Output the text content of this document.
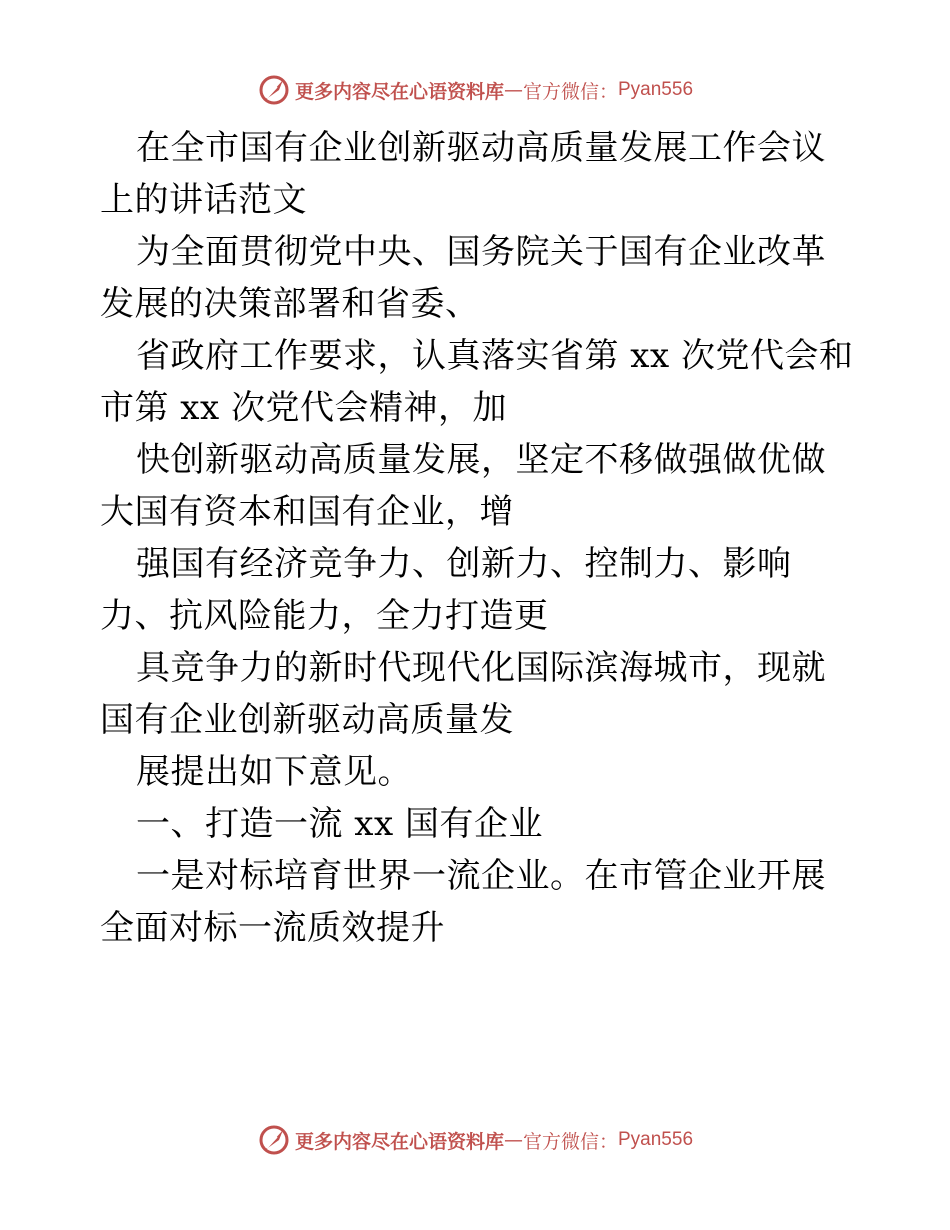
更多内容尽在心语资料库 — 官方微信： Pyan556

在全市国有企业创新驱动高质量发展工作会议上的讲话范文

为全面贯彻党中央、国务院关于国有企业改革发展的决策部署和省委、

省政府工作要求，认真落实省第 xx 次党代会和市第 xx 次党代会精神，加

快创新驱动高质量发展，坚定不移做强做优做大国有资本和国有企业，增

强国有经济竞争力、创新力、控制力、影响力、抗风险能力，全力打造更

具竞争力的新时代现代化国际滨海城市，现就国有企业创新驱动高质量发

展提出如下意见。

一、打造一流 xx 国有企业

一是对标培育世界一流企业。在市管企业开展全面对标一流质效提升

更多内容尽在心语资料库 — 官方微信： Pyan556
